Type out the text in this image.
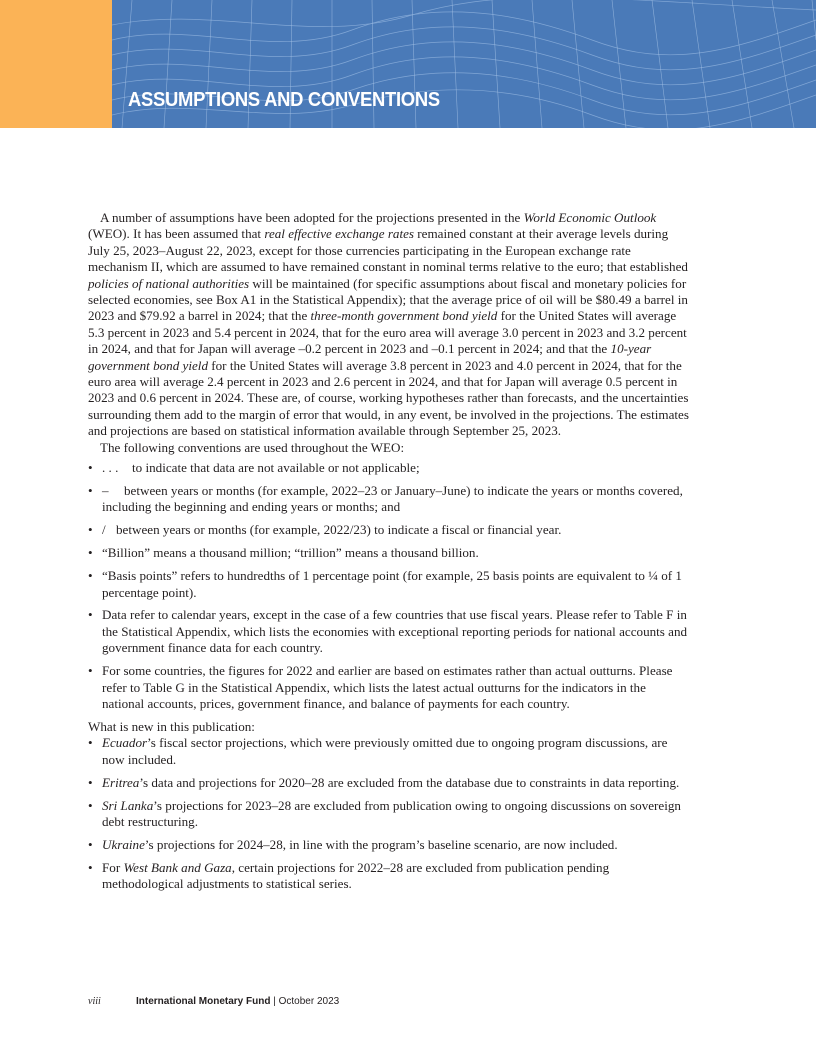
ASSUMPTIONS AND CONVENTIONS

A number of assumptions have been adopted for the projections presented in the World Economic Outlook (WEO). It has been assumed that real effective exchange rates remained constant at their average levels during July 25, 2023–August 22, 2023, except for those currencies participating in the European exchange rate mechanism II, which are assumed to have remained constant in nominal terms relative to the euro; that established policies of national authorities will be maintained (for specific assumptions about fiscal and monetary policies for selected economies, see Box A1 in the Statistical Appendix); that the average price of oil will be $80.49 a barrel in 2023 and $79.92 a barrel in 2024; that the three-month government bond yield for the United States will average 5.3 percent in 2023 and 5.4 percent in 2024, that for the euro area will average 3.0 percent in 2023 and 3.2 percent in 2024, and that for Japan will average –0.2 percent in 2023 and –0.1 percent in 2024; and that the 10-year government bond yield for the United States will average 3.8 percent in 2023 and 4.0 percent in 2024, that for the euro area will average 2.4 percent in 2023 and 2.6 percent in 2024, and that for Japan will average 0.5 percent in 2023 and 0.6 percent in 2024. These are, of course, working hypotheses rather than forecasts, and the uncertainties surrounding them add to the margin of error that would, in any event, be involved in the projections. The estimates and projections are based on statistical information available through September 25, 2023.

The following conventions are used throughout the WEO:

• . . . to indicate that data are not available or not applicable;
• – between years or months (for example, 2022–23 or January–June) to indicate the years or months covered, including the beginning and ending years or months; and
• / between years or months (for example, 2022/23) to indicate a fiscal or financial year.
• “Billion” means a thousand million; “trillion” means a thousand billion.
• “Basis points” refers to hundredths of 1 percentage point (for example, 25 basis points are equivalent to ¼ of 1 percentage point).
• Data refer to calendar years, except in the case of a few countries that use fiscal years. Please refer to Table F in the Statistical Appendix, which lists the economies with exceptional reporting periods for national accounts and government finance data for each country.
• For some countries, the figures for 2022 and earlier are based on estimates rather than actual outturns. Please refer to Table G in the Statistical Appendix, which lists the latest actual outturns for the indicators in the national accounts, prices, government finance, and balance of payments for each country.

What is new in this publication:

• Ecuador’s fiscal sector projections, which were previously omitted due to ongoing program discussions, are now included.
• Eritrea’s data and projections for 2020–28 are excluded from the database due to constraints in data reporting.
• Sri Lanka’s projections for 2023–28 are excluded from publication owing to ongoing discussions on sovereign debt restructuring.
• Ukraine’s projections for 2024–28, in line with the program’s baseline scenario, are now included.
• For West Bank and Gaza, certain projections for 2022–28 are excluded from publication pending methodological adjustments to statistical series.
viii	International Monetary Fund | October 2023
